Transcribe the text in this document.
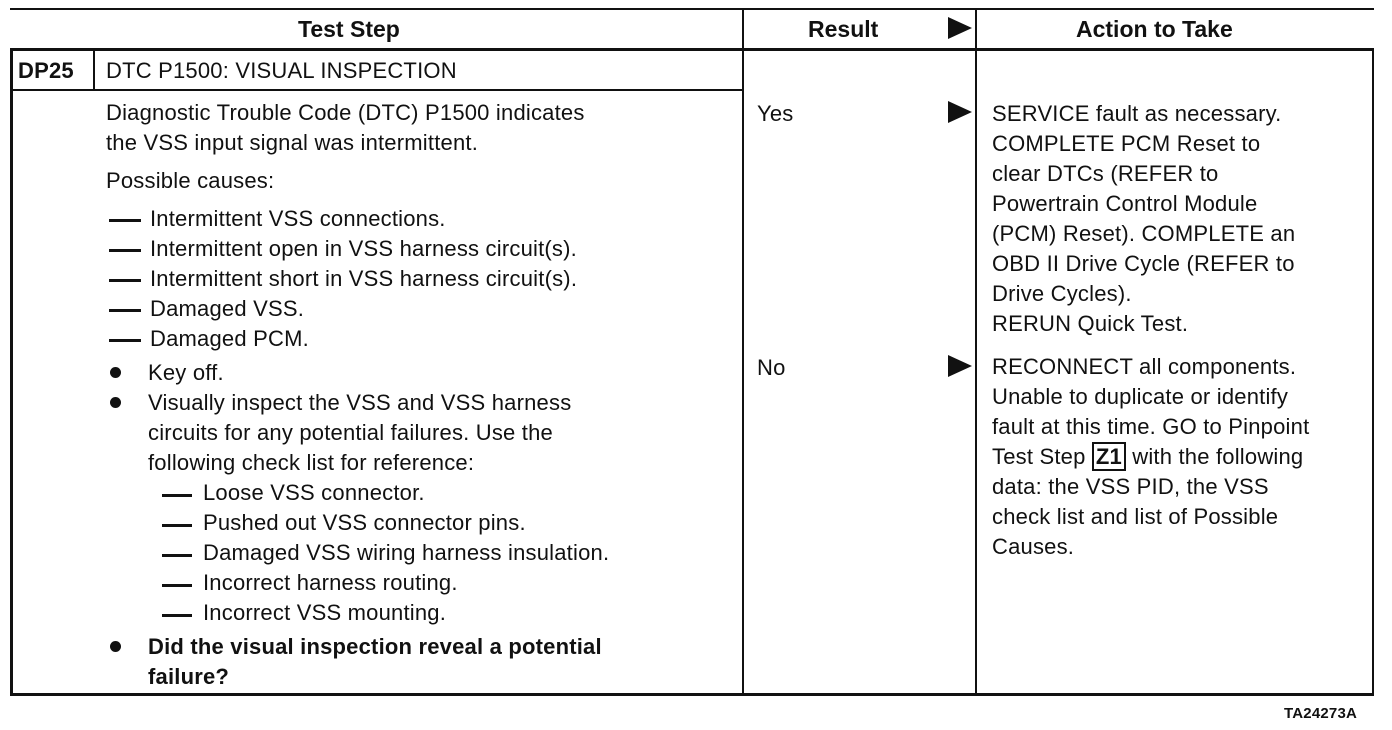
Test Step	Result	Action to Take
DP25 DTC P1500: VISUAL INSPECTION
Diagnostic Trouble Code (DTC) P1500 indicates
the VSS input signal was intermittent.
Possible causes:
Intermittent VSS connections.
Intermittent open in VSS harness circuit(s).
Intermittent short in VSS harness circuit(s).
Damaged VSS.
Damaged PCM.
Key off.
Visually inspect the VSS and VSS harness
circuits for any potential failures. Use the
following check list for reference:
Loose VSS connector.
Pushed out VSS connector pins.
Damaged VSS wiring harness insulation.
Incorrect harness routing.
Incorrect VSS mounting.
Did the visual inspection reveal a potential
failure?
Yes
No
SERVICE fault as necessary.
COMPLETE PCM Reset to
clear DTCs (REFER to
Powertrain Control Module
(PCM) Reset). COMPLETE an
OBD II Drive Cycle (REFER to
Drive Cycles).
RERUN Quick Test.
RECONNECT all components.
Unable to duplicate or identify
fault at this time. GO to Pinpoint
Test Step Z1 with the following
data: the VSS PID, the VSS
check list and list of Possible
Causes.
TA24273A
